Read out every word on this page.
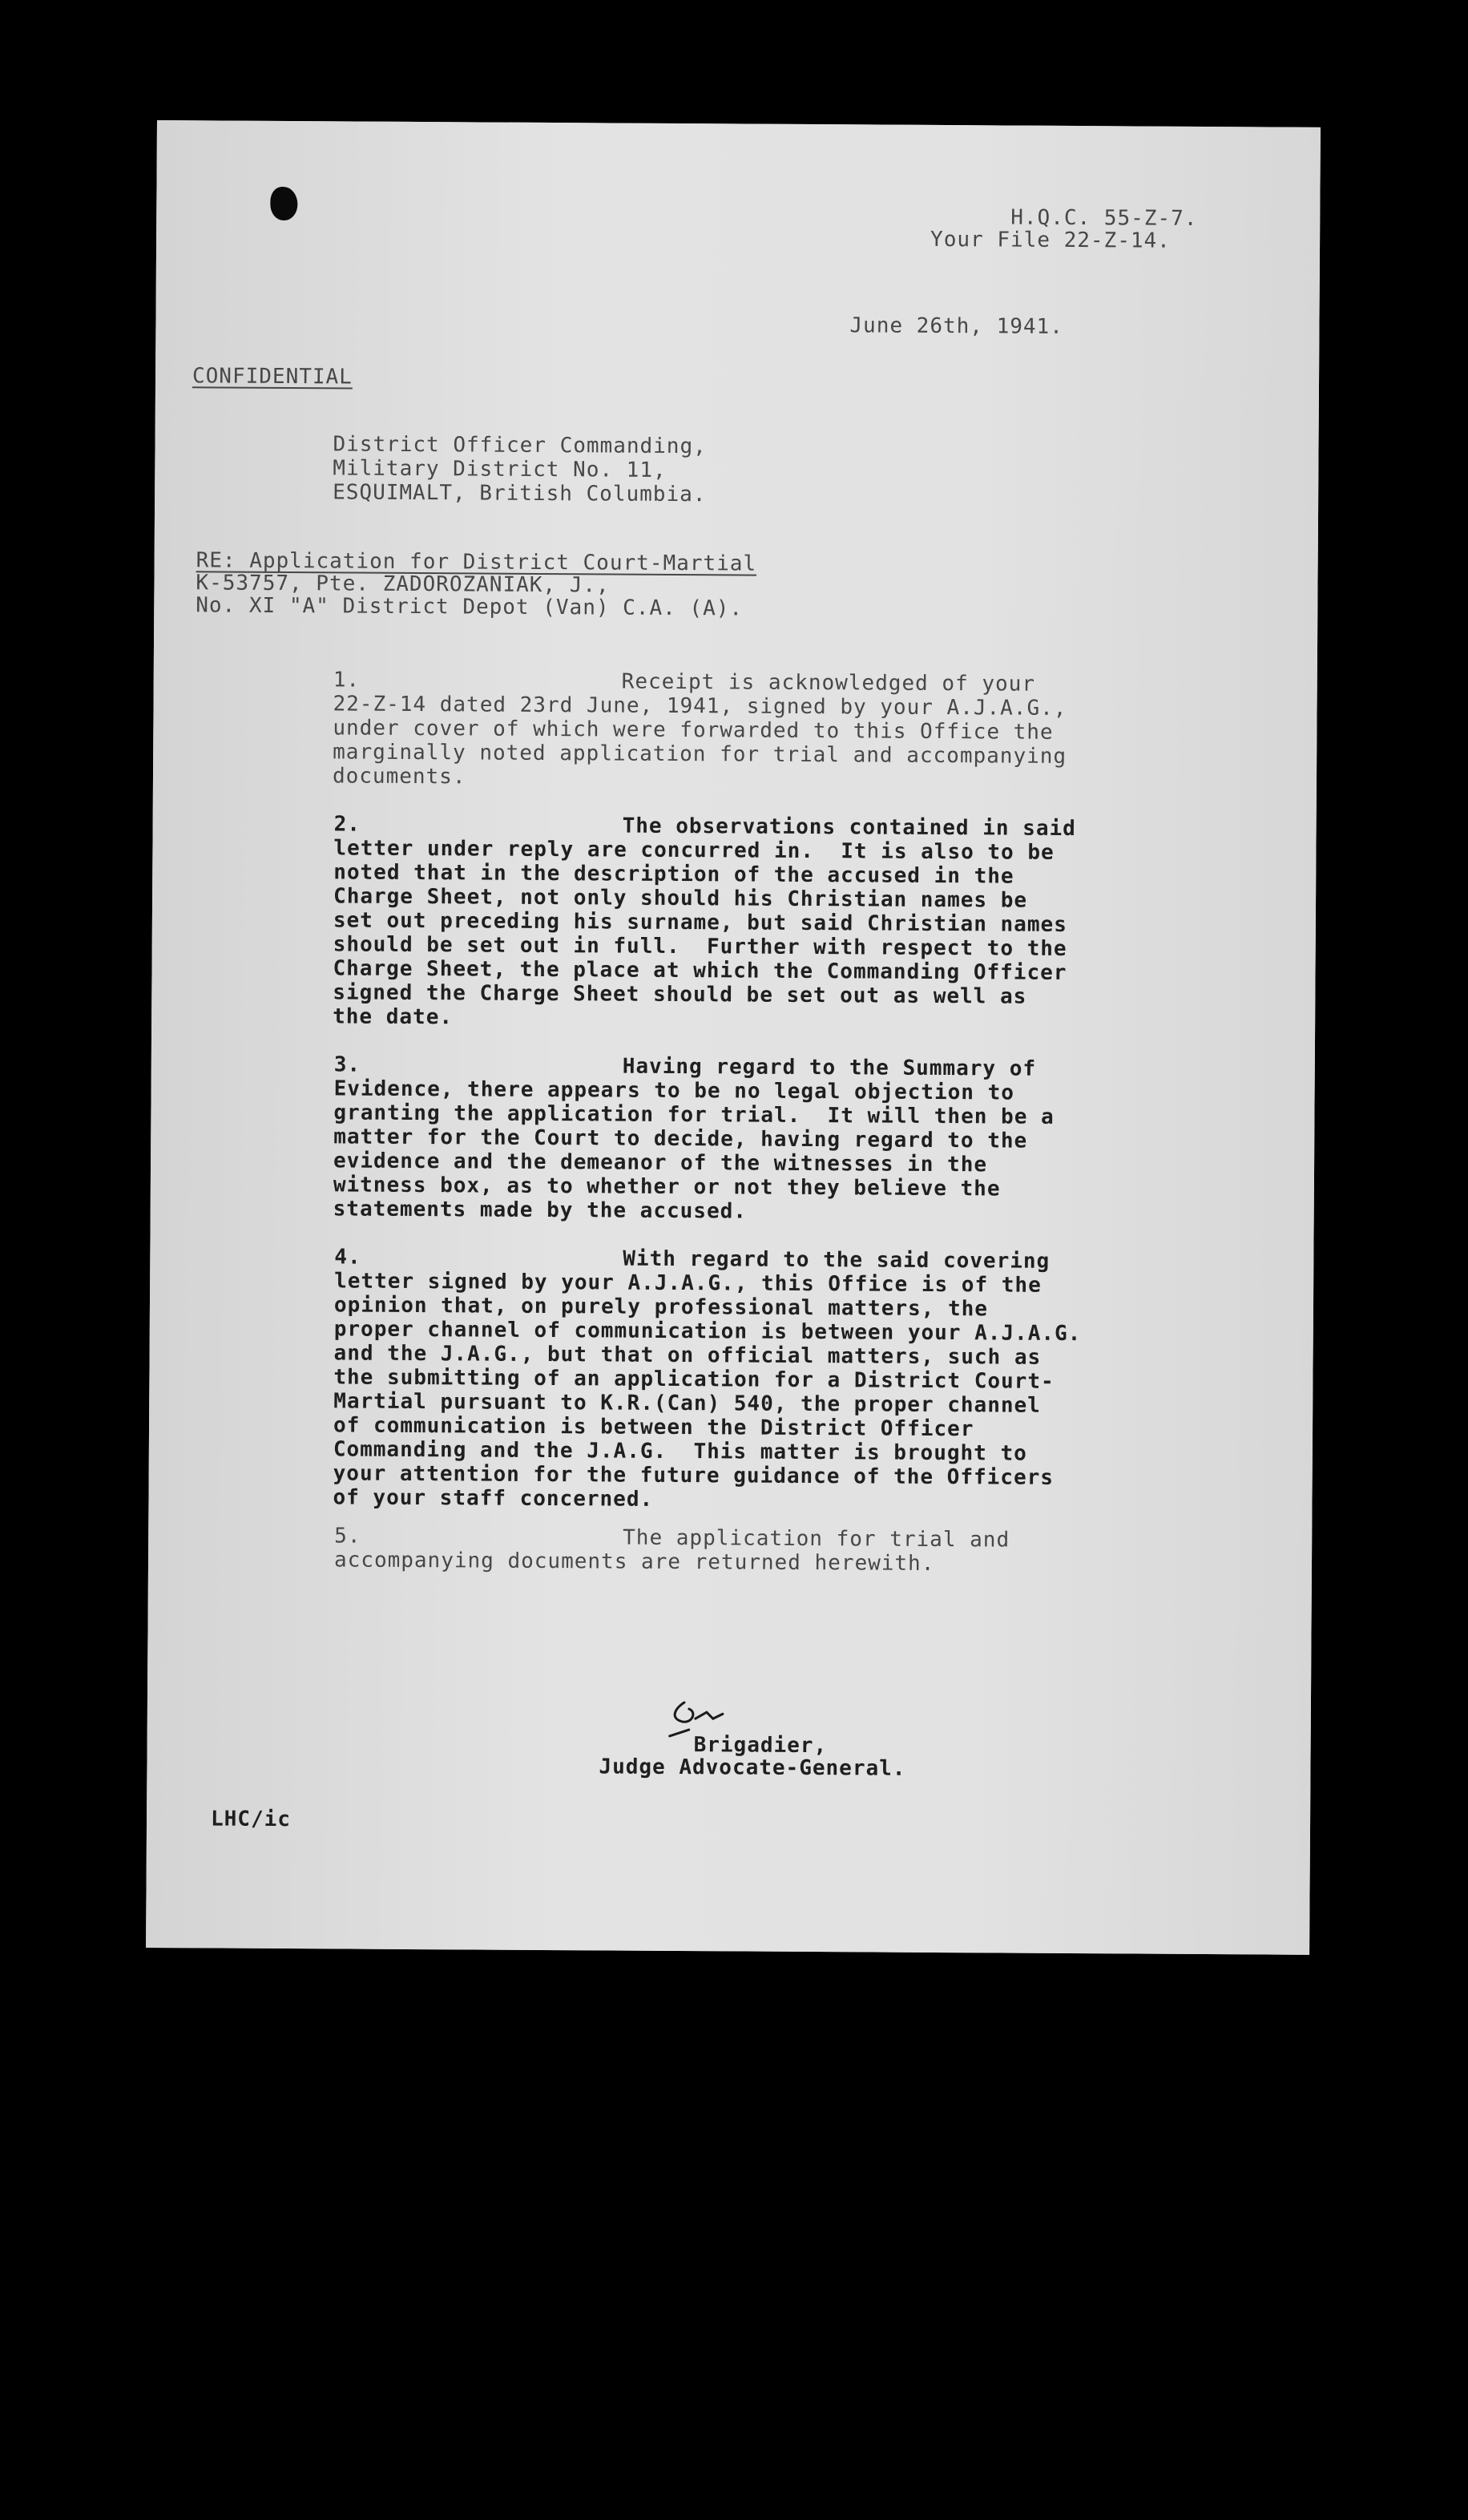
H.Q.C. 55-Z-7.
Your File 22-Z-14.
June 26th, 1941.
CONFIDENTIAL
District Officer Commanding,
Military District No. 11,
ESQUIMALT, British Columbia.
RE: Application for District Court-Martial
K-53757, Pte. ZADOROZANIAK, J.,
No. XI "A" District Depot (Van) C.A. (A).
1.	Receipt is acknowledged of your
22-Z-14 dated 23rd June, 1941, signed by your A.J.A.G.,
under cover of which were forwarded to this Office the
marginally noted application for trial and accompanying
documents.
2.	The observations contained in said
letter under reply are concurred in.  It is also to be
noted that in the description of the accused in the
Charge Sheet, not only should his Christian names be
set out preceding his surname, but said Christian names
should be set out in full.  Further with respect to the
Charge Sheet, the place at which the Commanding Officer
signed the Charge Sheet should be set out as well as
the date.
3.	Having regard to the Summary of
Evidence, there appears to be no legal objection to
granting the application for trial.  It will then be a
matter for the Court to decide, having regard to the
evidence and the demeanor of the witnesses in the
witness box, as to whether or not they believe the
statements made by the accused.
4.	With regard to the said covering
letter signed by your A.J.A.G., this Office is of the
opinion that, on purely professional matters, the
proper channel of communication is between your A.J.A.G.
and the J.A.G., but that on official matters, such as
the submitting of an application for a District Court-
Martial pursuant to K.R.(Can) 540, the proper channel
of communication is between the District Officer
Commanding and the J.A.G.  This matter is brought to
your attention for the future guidance of the Officers
of your staff concerned.
5.	The application for trial and
accompanying documents are returned herewith.
Brigadier,
Judge Advocate-General.
LHC/ic
